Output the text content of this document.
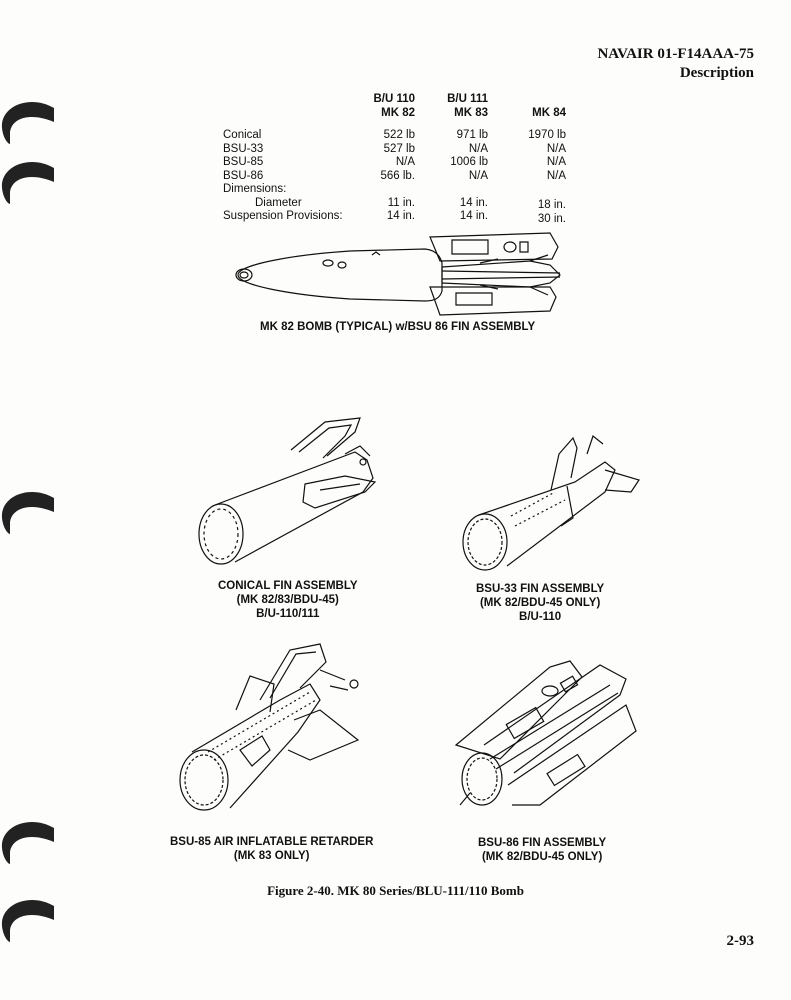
NAVAIR 01-F14AAA-75
Description
Conical
BSU-33
BSU-85
BSU-86
Dimensions:
Diameter
Suspension Provisions:
B/U 110
MK 82
522 lb
527 lb
N/A
566 lb.
11 in.
14 in.
B/U 111
MK 83
971 lb
N/A
1006 lb
N/A
14 in.
14 in.
MK 84
1970 lb
N/A
N/A
N/A
18 in.
30 in.
MK 82 BOMB (TYPICAL) w/BSU 86 FIN ASSEMBLY
CONICAL FIN ASSEMBLY
(MK 82/83/BDU-45)
B/U-110/111
BSU-33 FIN ASSEMBLY
(MK 82/BDU-45 ONLY)
B/U-110
BSU-85 AIR INFLATABLE RETARDER
(MK 83 ONLY)
BSU-86 FIN ASSEMBLY
(MK 82/BDU-45 ONLY)
Figure 2-40. MK 80 Series/BLU-111/110 Bomb
2-93
